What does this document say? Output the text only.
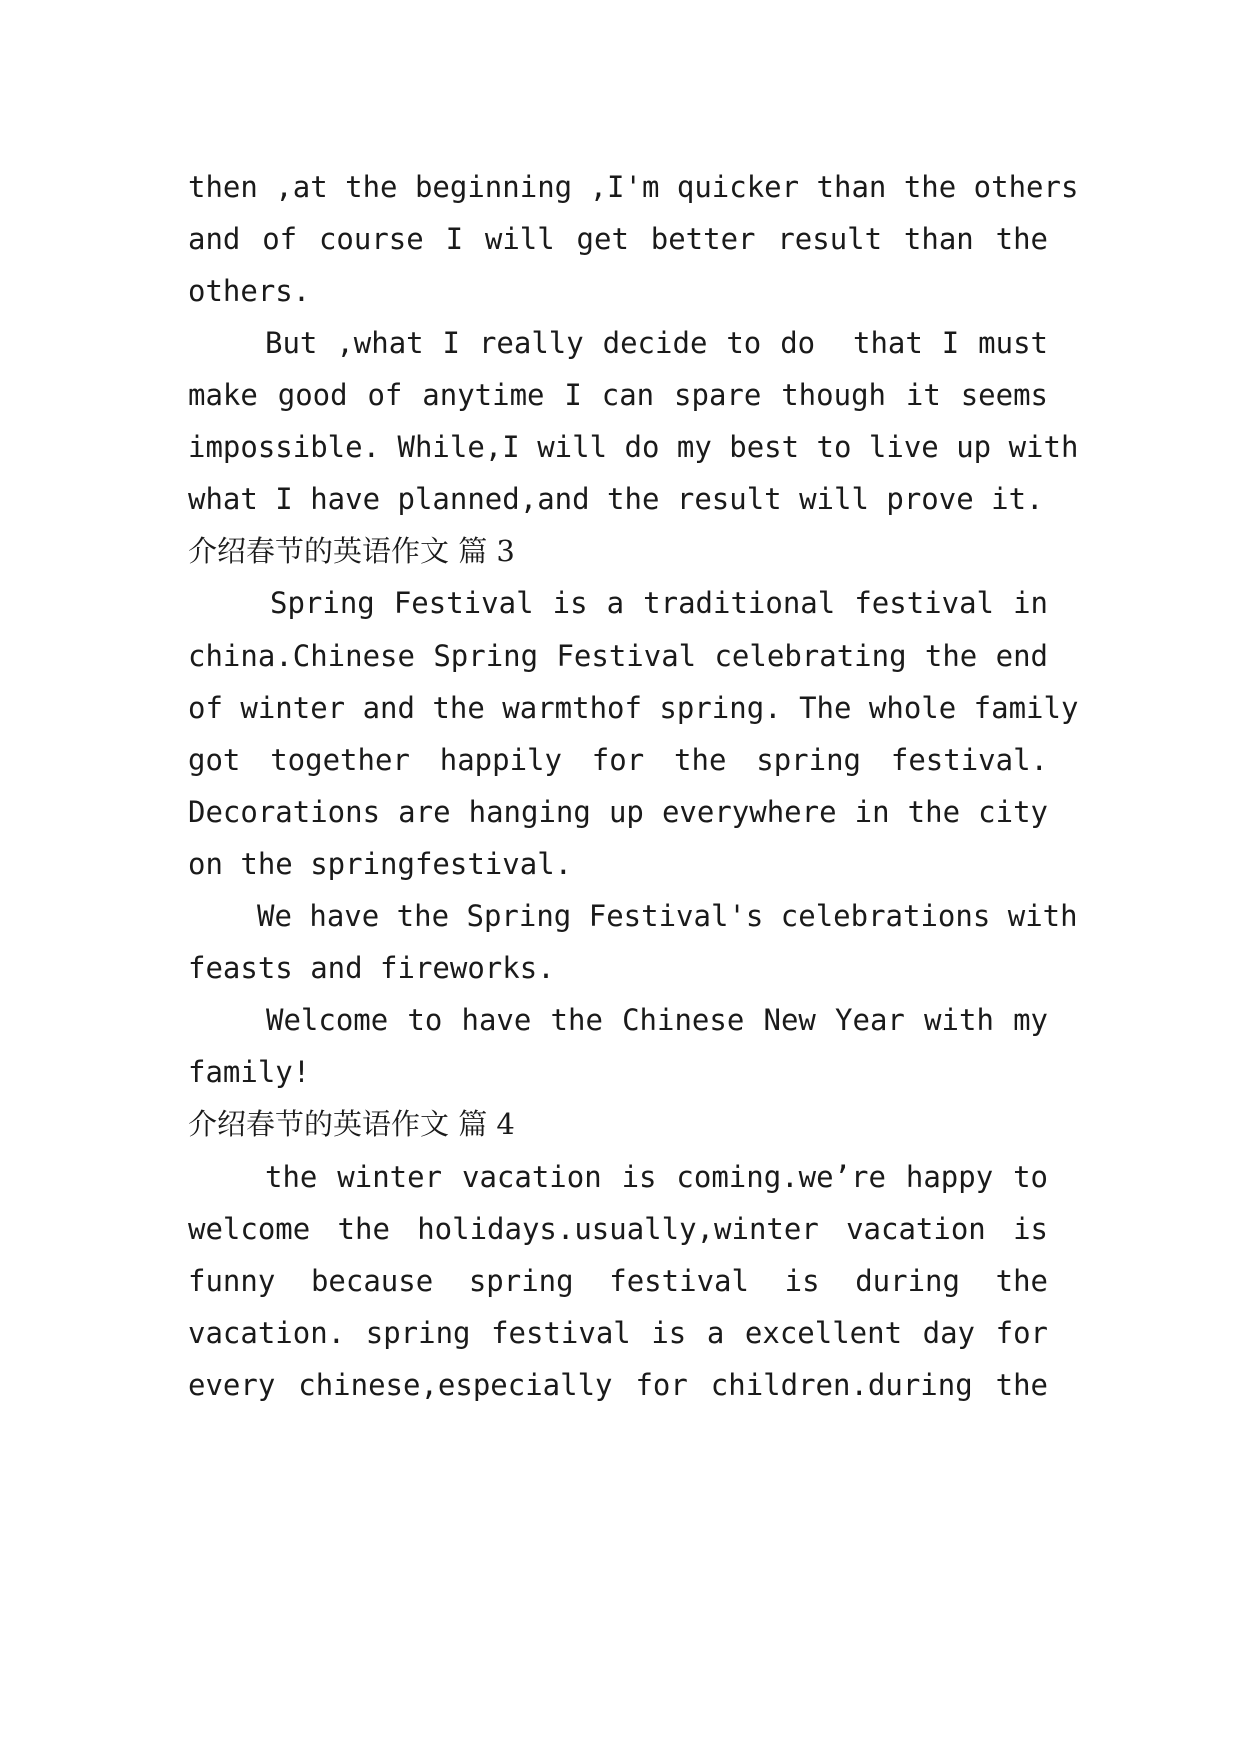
then ,at the beginning ,I'm quicker than the others
and of course I will get better result than the
others.
But ,what I really decide to do  that I must
make good of anytime I can spare though it seems
impossible. While,I will do my best to live up with
what I have planned,and the result will prove it.
介绍春节的英语作文 篇 3
Spring Festival is a traditional festival in
china.Chinese Spring Festival celebrating the end
of winter and the warmthof spring. The whole family
got together happily for the spring festival.
Decorations are hanging up everywhere in the city
on the springfestival.
We have the Spring Festival's celebrations with
feasts and fireworks.
Welcome to have the Chinese New Year with my
family!
介绍春节的英语作文 篇 4
the winter vacation is coming.we’re happy to
welcome the holidays.usually,winter vacation is
funny because spring festival is during the
vacation. spring festival is a excellent day for
every chinese,especially for children.during the
